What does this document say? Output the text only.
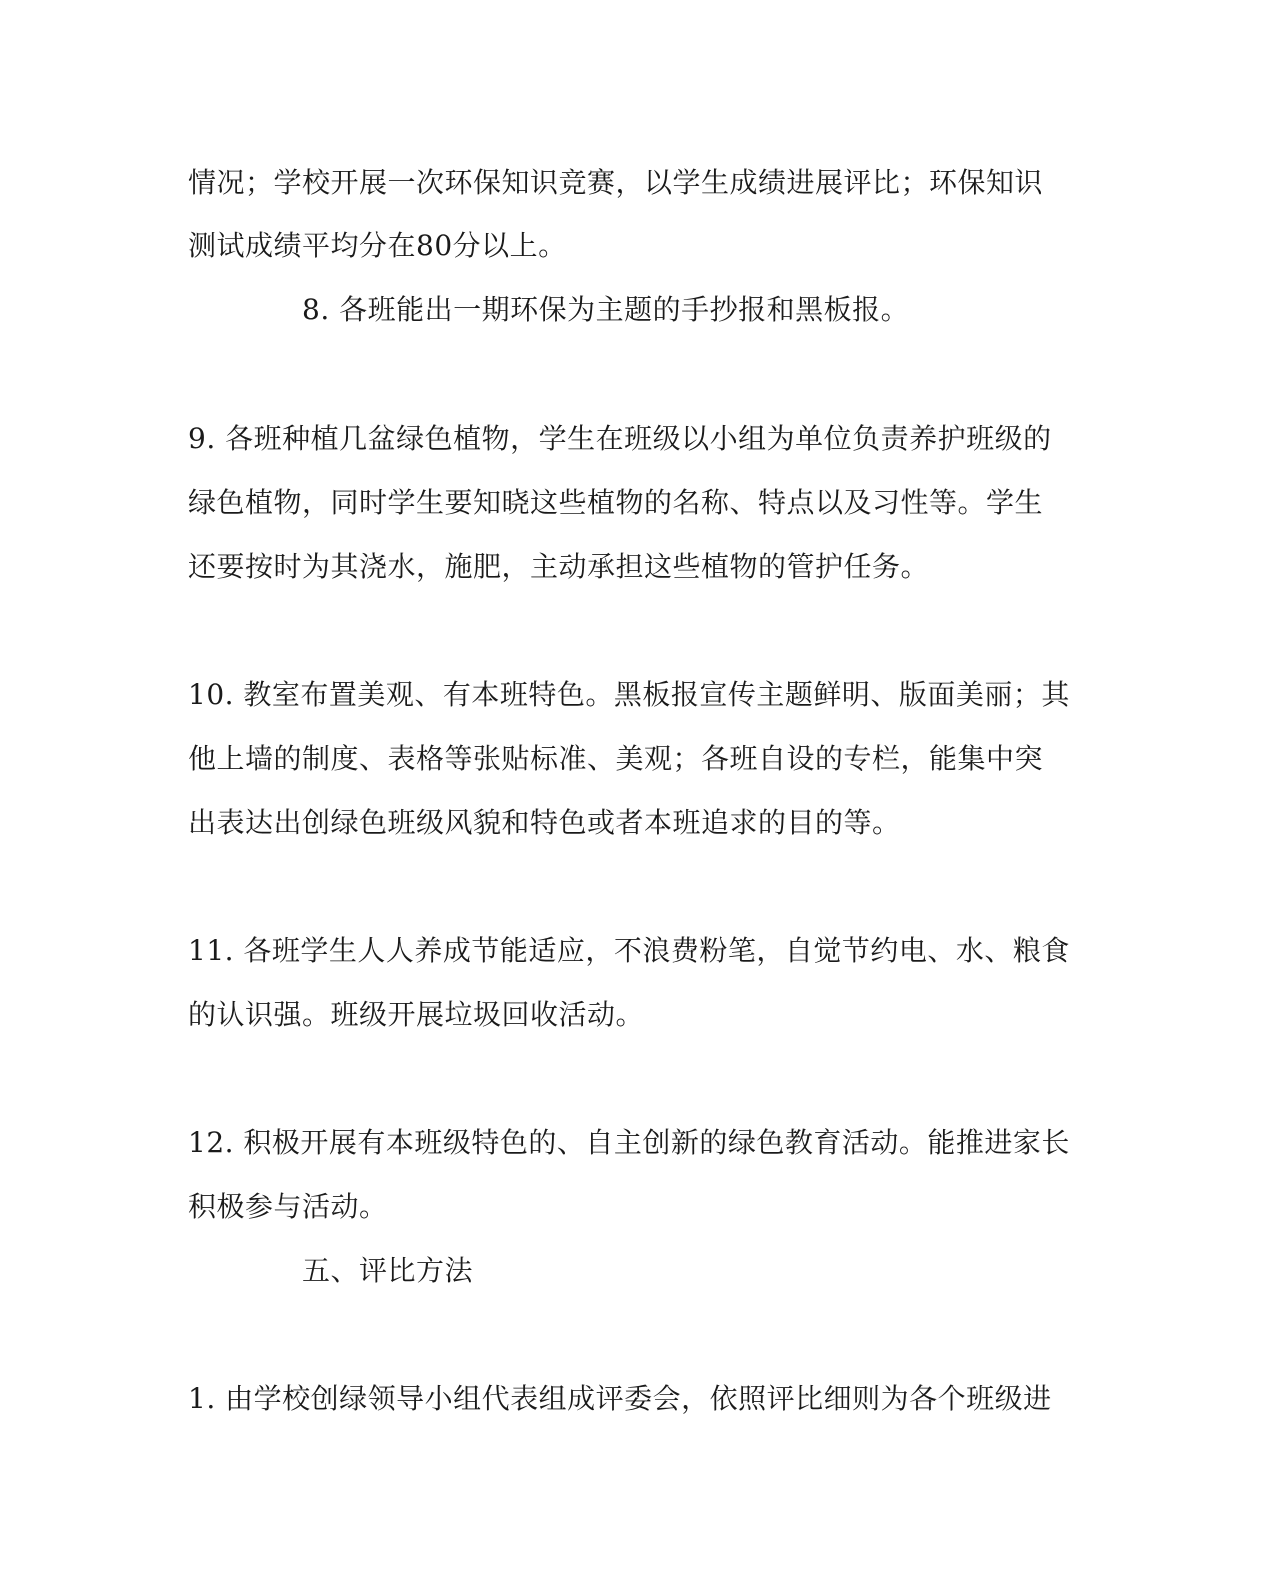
情况；学校开展一次环保知识竞赛，以学生成绩进展评比；环保知识
测试成绩平均分在80分以上。
8. 各班能出一期环保为主题的手抄报和黑板报。
9. 各班种植几盆绿色植物，学生在班级以小组为单位负责养护班级的
绿色植物，同时学生要知晓这些植物的名称、特点以及习性等。学生
还要按时为其浇水，施肥，主动承担这些植物的管护任务。
10. 教室布置美观、有本班特色。黑板报宣传主题鲜明、版面美丽；其
他上墙的制度、表格等张贴标准、美观；各班自设的专栏，能集中突
出表达出创绿色班级风貌和特色或者本班追求的目的等。
11. 各班学生人人养成节能适应，不浪费粉笔，自觉节约电、水、粮食
的认识强。班级开展垃圾回收活动。
12. 积极开展有本班级特色的、自主创新的绿色教育活动。能推进家长
积极参与活动。
五、评比方法
1. 由学校创绿领导小组代表组成评委会，依照评比细则为各个班级进
